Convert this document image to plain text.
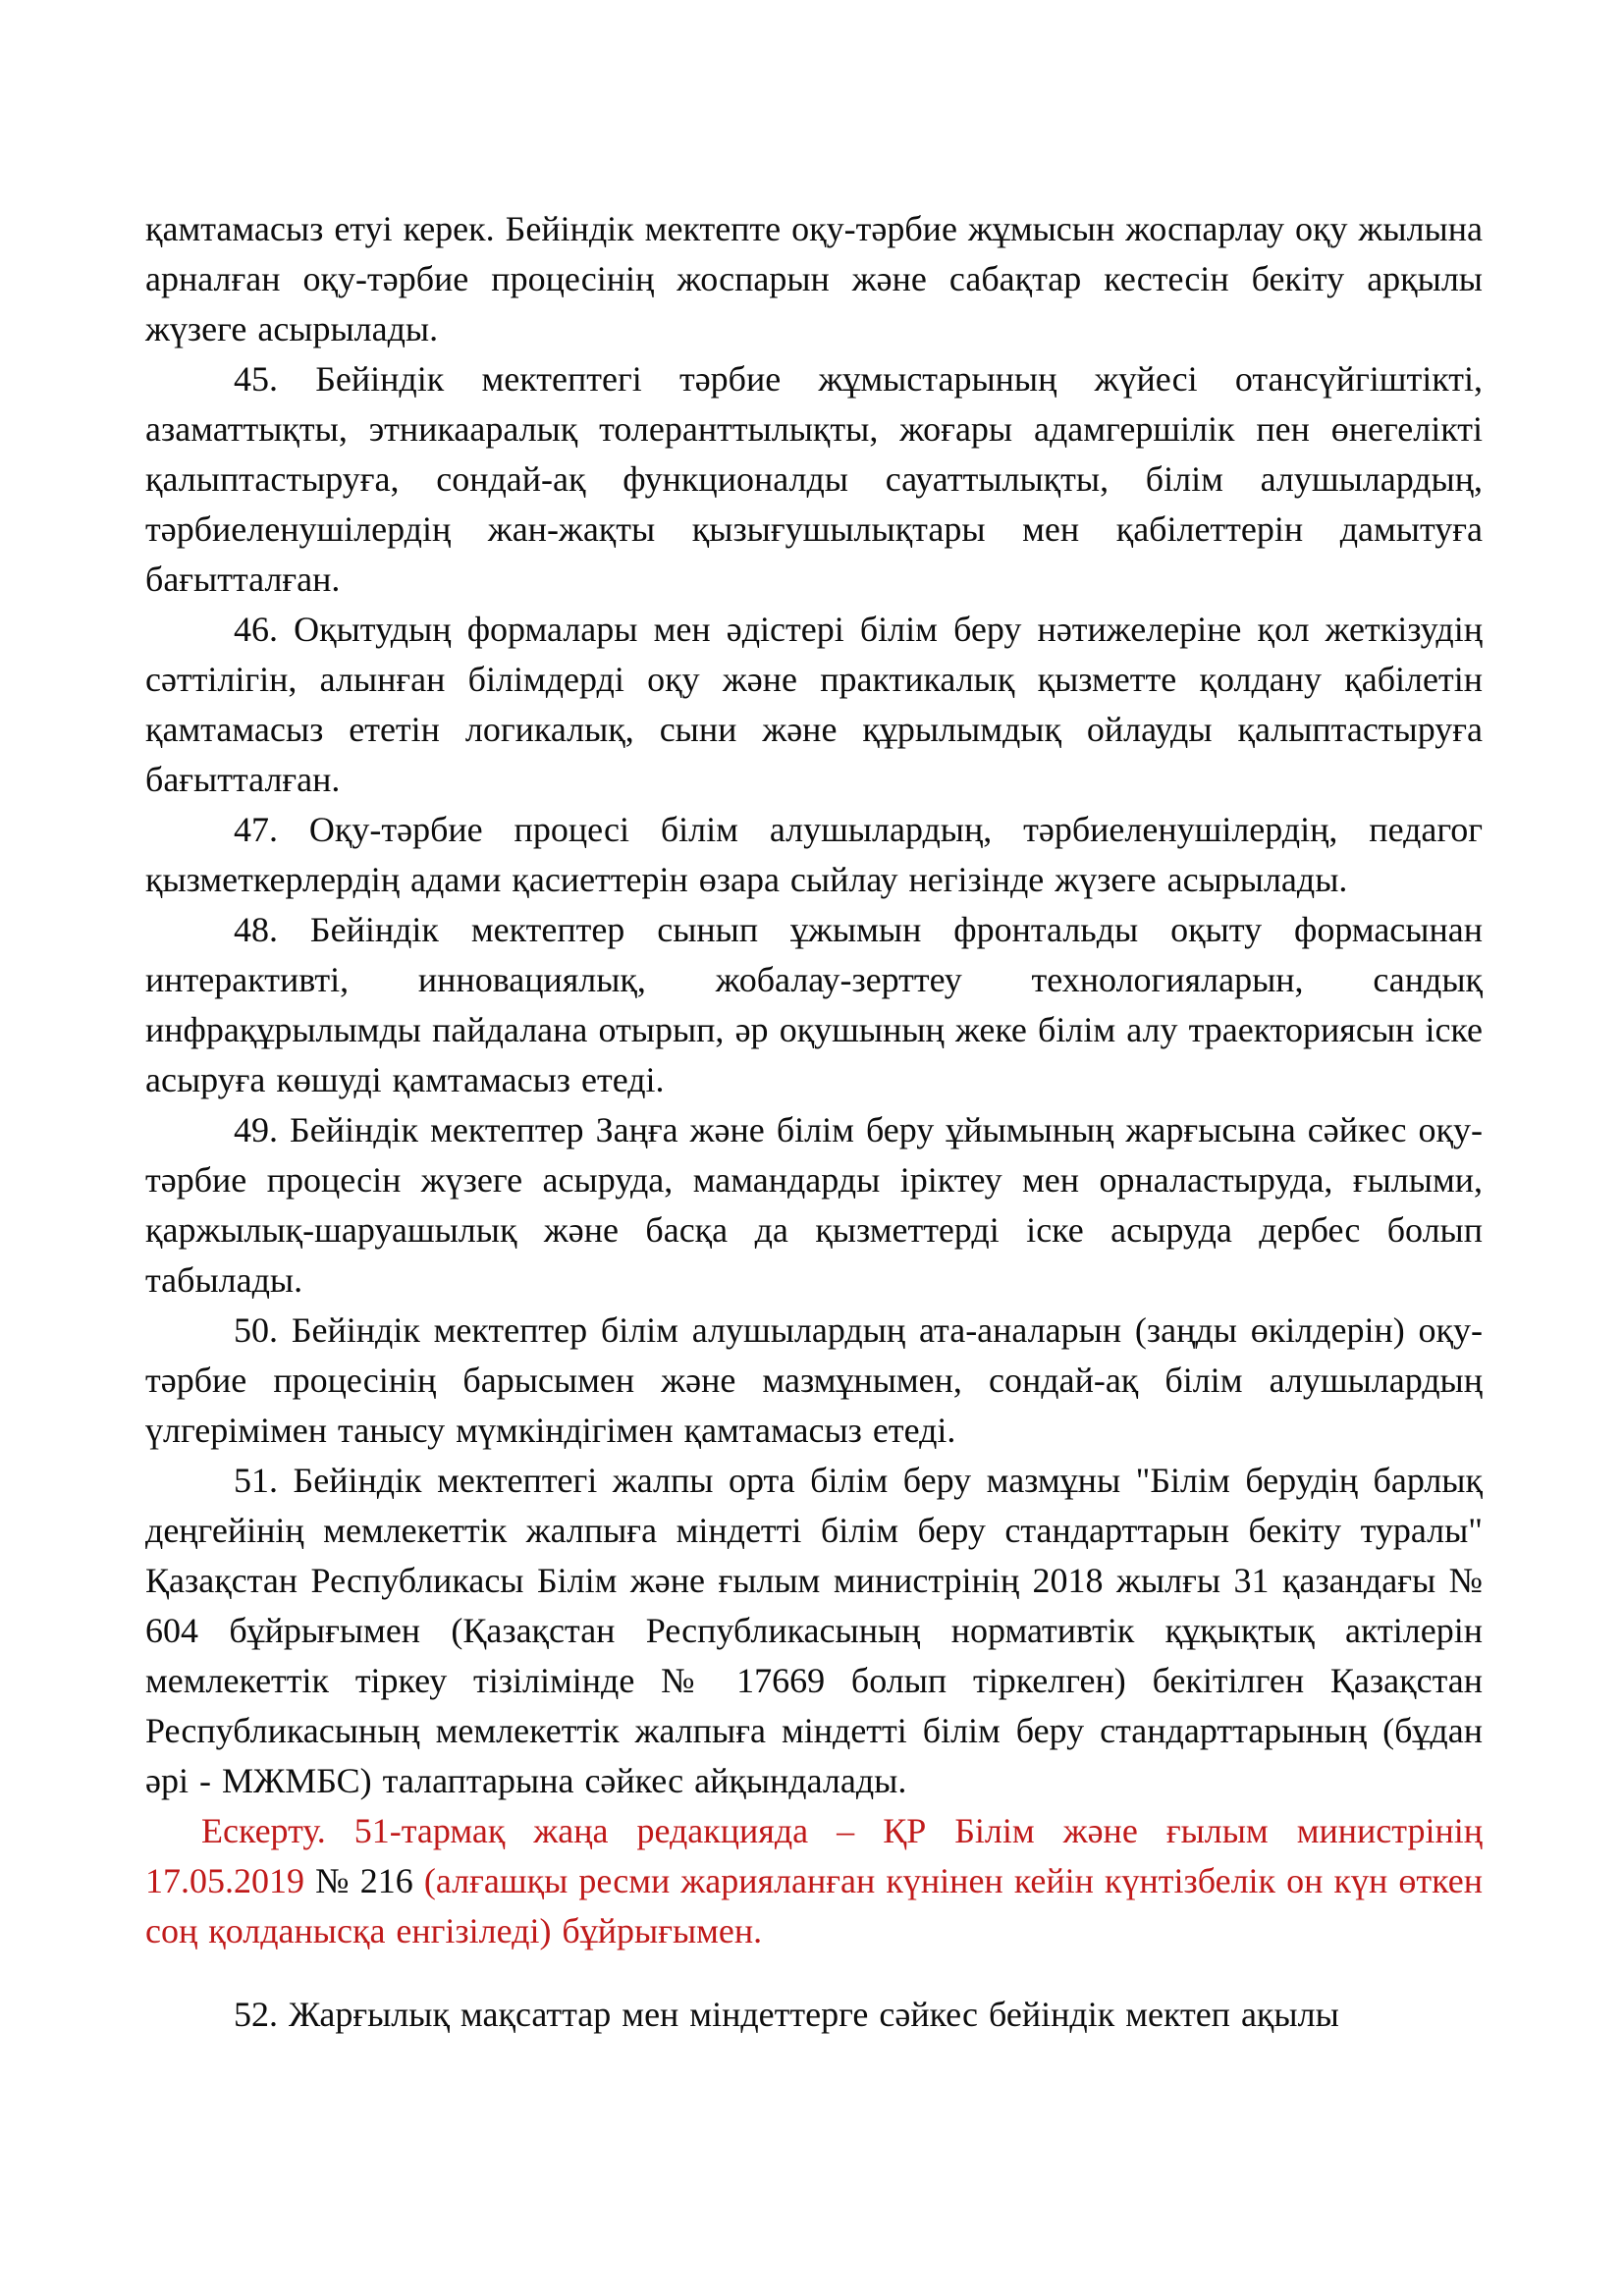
қамтамасыз етуі керек. Бейіндік мектепте оқу-тәрбие жұмысын жоспарлау оқу жылына арналған оқу-тәрбие процесінің жоспарын және сабақтар кестесін бекіту арқылы жүзеге асырылады.

45. Бейіндік мектептегі тәрбие жұмыстарының жүйесі отансүйгіштікті, азаматтықты, этникааралық толеранттылықты, жоғары адамгершілік пен өнегелікті қалыптастыруға, сондай-ақ функционалды сауаттылықты, білім алушылардың, тәрбиеленушілердің жан-жақты қызығушылықтары мен қабілеттерін дамытуға бағытталған.

46. Оқытудың формалары мен әдістері білім беру нәтижелеріне қол жеткізудің сәттілігін, алынған білімдерді оқу және практикалық қызметте қолдану қабілетін қамтамасыз ететін логикалық, сыни және құрылымдық ойлауды қалыптастыруға бағытталған.

47. Оқу-тәрбие процесі білім алушылардың, тәрбиеленушілердің, педагог қызметкерлердің адами қасиеттерін өзара сыйлау негізінде жүзеге асырылады.

48. Бейіндік мектептер сынып ұжымын фронтальды оқыту формасынан интерактивті, инновациялық, жобалау-зерттеу технологияларын, сандық инфрақұрылымды пайдалана отырып, әр оқушының жеке білім алу траекториясын іске асыруға көшуді қамтамасыз етеді.

49. Бейіндік мектептер Заңға және білім беру ұйымының жарғысына сәйкес оқу-тәрбие процесін жүзеге асыруда, мамандарды іріктеу мен орналастыруда, ғылыми, қаржылық-шаруашылық және басқа да қызметтерді іске асыруда дербес болып табылады.

50. Бейіндік мектептер білім алушылардың ата-аналарын (заңды өкілдерін) оқу-тәрбие процесінің барысымен және мазмұнымен, сондай-ақ білім алушылардың үлгерімімен танысу мүмкіндігімен қамтамасыз етеді.

51. Бейіндік мектептегі жалпы орта білім беру мазмұны "Білім берудің барлық деңгейінің мемлекеттік жалпыға міндетті білім беру стандарттарын бекіту туралы" Қазақстан Республикасы Білім және ғылым министрінің 2018 жылғы 31 қазандағы № 604 бұйрығымен (Қазақстан Республикасының нормативтік құқықтық актілерін мемлекеттік тіркеу тізілімінде № 17669 болып тіркелген) бекітілген Қазақстан Республикасының мемлекеттік жалпыға міндетті білім беру стандарттарының (бұдан әрі - МЖМБС) талаптарына сәйкес айқындалады.

Ескерту. 51-тармақ жаңа редакцияда – ҚР Білім және ғылым министрінің 17.05.2019 № 216 (алғашқы ресми жарияланған күнінен кейін күнтізбелік он күн өткен соң қолданысқа енгізіледі) бұйрығымен.

52. Жарғылық мақсаттар мен міндеттерге сәйкес бейіндік мектеп ақылы
